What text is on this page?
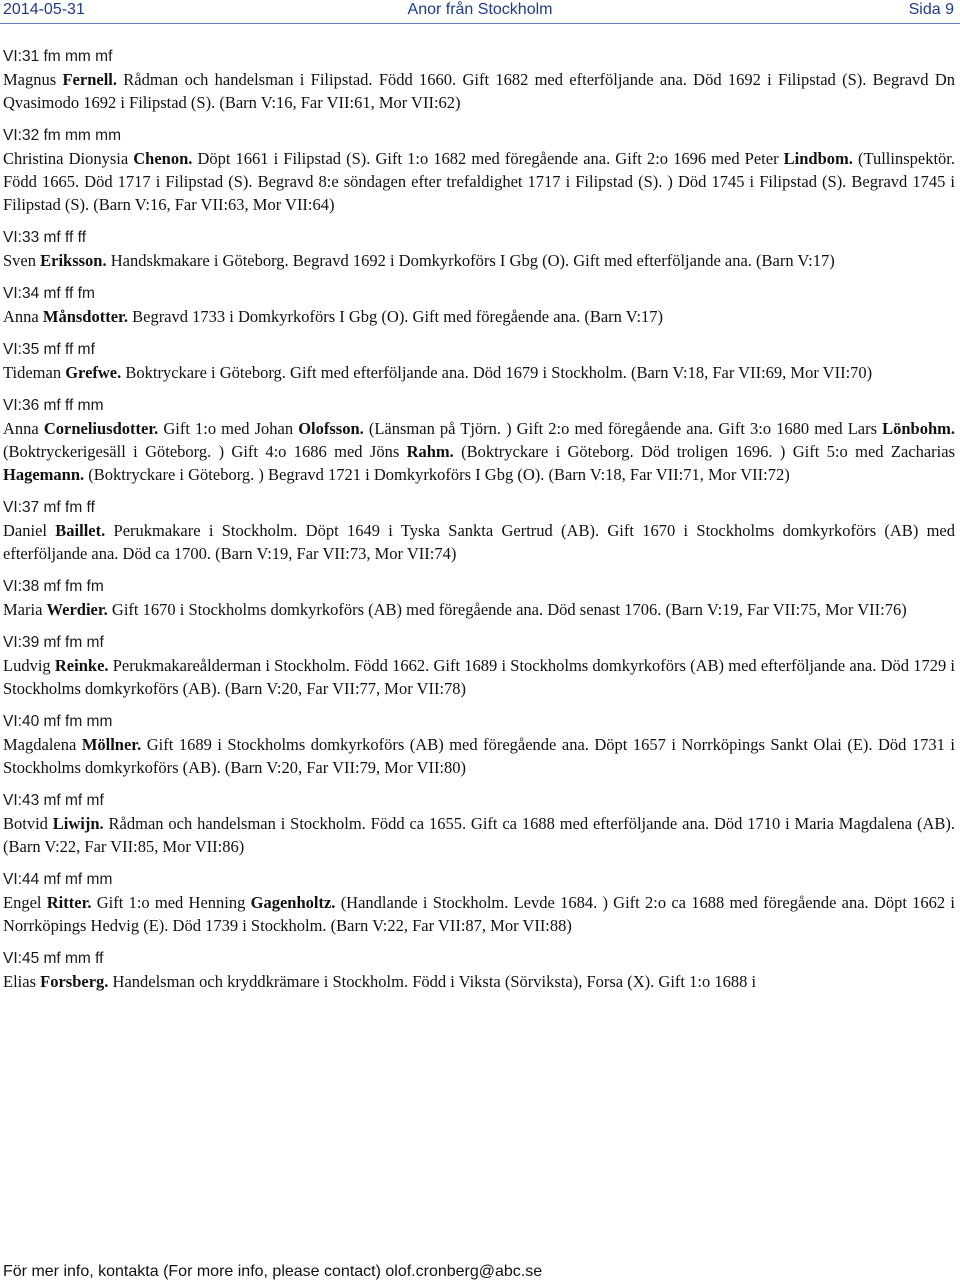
2014-05-31	Anor från Stockholm	Sida 9
VI:31 fm mm mf
Magnus Fernell. Rådman och handelsman i Filipstad. Född 1660. Gift 1682 med efterföljande ana. Död 1692 i Filipstad (S). Begravd Dn Qvasimodo 1692 i Filipstad (S). (Barn V:16, Far VII:61, Mor VII:62)
VI:32 fm mm mm
Christina Dionysia Chenon. Döpt 1661 i Filipstad (S). Gift 1:o 1682 med föregående ana. Gift 2:o 1696 med Peter Lindbom. (Tullinspektör. Född 1665. Död 1717 i Filipstad (S). Begravd 8:e söndagen efter trefaldighet 1717 i Filipstad (S). ) Död 1745 i Filipstad (S). Begravd 1745 i Filipstad (S). (Barn V:16, Far VII:63, Mor VII:64)
VI:33 mf ff ff
Sven Eriksson. Handskmakare i Göteborg. Begravd 1692 i Domkyrkoförs I Gbg (O). Gift med efterföljande ana. (Barn V:17)
VI:34 mf ff fm
Anna Månsdotter. Begravd 1733 i Domkyrkoförs I Gbg (O). Gift med föregående ana. (Barn V:17)
VI:35 mf ff mf
Tideman Grefwe. Boktryckare i Göteborg. Gift med efterföljande ana. Död 1679 i Stockholm. (Barn V:18, Far VII:69, Mor VII:70)
VI:36 mf ff mm
Anna Corneliusdotter. Gift 1:o med Johan Olofsson. (Länsman på Tjörn. ) Gift 2:o med föregående ana. Gift 3:o 1680 med Lars Lönbohm. (Boktryckerigesäll i Göteborg. ) Gift 4:o 1686 med Jöns Rahm. (Boktryckare i Göteborg. Död troligen 1696. ) Gift 5:o med Zacharias Hagemann. (Boktryckare i Göteborg. ) Begravd 1721 i Domkyrkoförs I Gbg (O). (Barn V:18, Far VII:71, Mor VII:72)
VI:37 mf fm ff
Daniel Baillet. Perukmakare i Stockholm. Döpt 1649 i Tyska Sankta Gertrud (AB). Gift 1670 i Stockholms domkyrkoförs (AB) med efterföljande ana. Död ca 1700. (Barn V:19, Far VII:73, Mor VII:74)
VI:38 mf fm fm
Maria Werdier. Gift 1670 i Stockholms domkyrkoförs (AB) med föregående ana. Död senast 1706. (Barn V:19, Far VII:75, Mor VII:76)
VI:39 mf fm mf
Ludvig Reinke. Perukmakareålderman i Stockholm. Född 1662. Gift 1689 i Stockholms domkyrkoförs (AB) med efterföljande ana. Död 1729 i Stockholms domkyrkoförs (AB). (Barn V:20, Far VII:77, Mor VII:78)
VI:40 mf fm mm
Magdalena Möllner. Gift 1689 i Stockholms domkyrkoförs (AB) med föregående ana. Döpt 1657 i Norrköpings Sankt Olai (E). Död 1731 i Stockholms domkyrkoförs (AB). (Barn V:20, Far VII:79, Mor VII:80)
VI:43 mf mf mf
Botvid Liwijn. Rådman och handelsman i Stockholm. Född ca 1655. Gift ca 1688 med efterföljande ana. Död 1710 i Maria Magdalena (AB). (Barn V:22, Far VII:85, Mor VII:86)
VI:44 mf mf mm
Engel Ritter. Gift 1:o med Henning Gagenholtz. (Handlande i Stockholm. Levde 1684. ) Gift 2:o ca 1688 med föregående ana. Döpt 1662 i Norrköpings Hedvig (E). Död 1739 i Stockholm. (Barn V:22, Far VII:87, Mor VII:88)
VI:45 mf mm ff
Elias Forsberg. Handelsman och kryddkrämare i Stockholm. Född i Viksta (Sörviksta), Forsa (X). Gift 1:o 1688 i
För mer info, kontakta (For more info, please contact) olof.cronberg@abc.se
